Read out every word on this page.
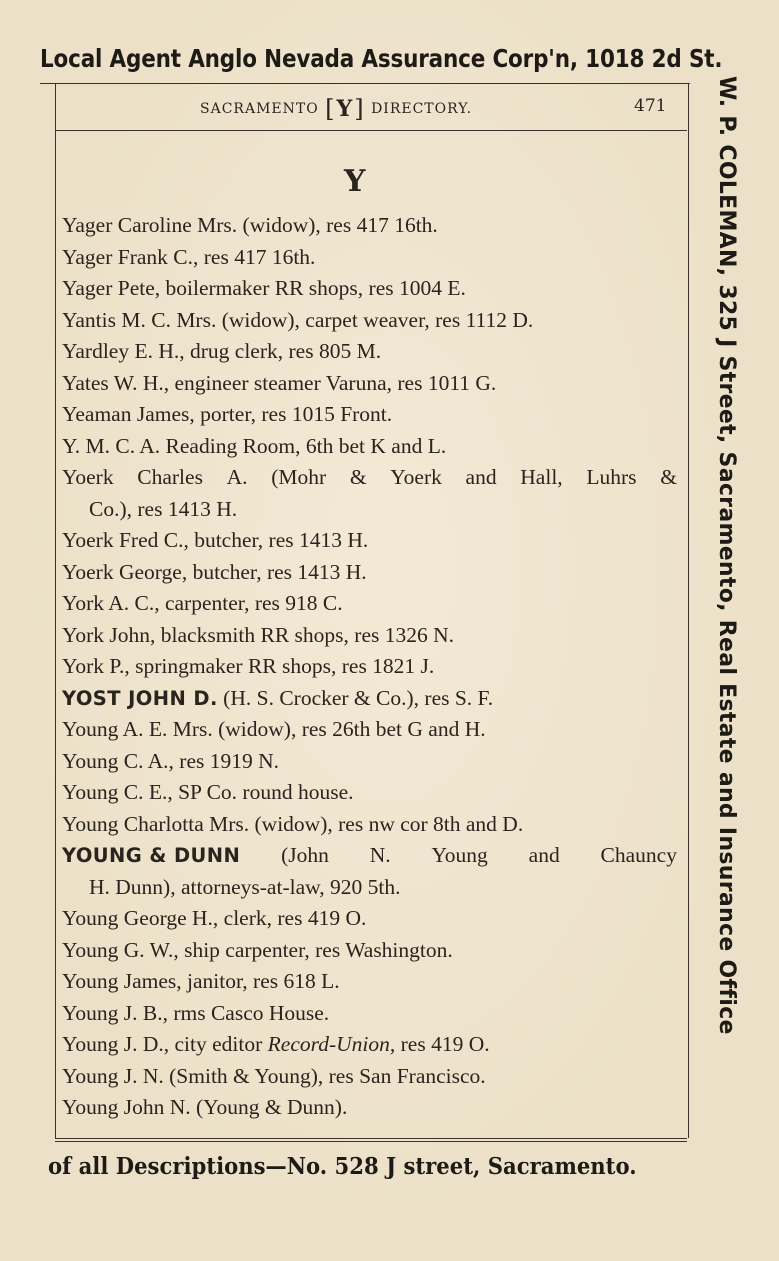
Local Agent Anglo Nevada Assurance Corp'n, 1018 2d St.
SACRAMENTO [Y] DIRECTORY.	471
Y
Yager Caroline Mrs. (widow), res 417 16th.
Yager Frank C., res 417 16th.
Yager Pete, boilermaker RR shops, res 1004 E.
Yantis M. C. Mrs. (widow), carpet weaver, res 1112 D.
Yardley E. H., drug clerk, res 805 M.
Yates W. H., engineer steamer Varuna, res 1011 G.
Yeaman James, porter, res 1015 Front.
Y. M. C. A. Reading Room, 6th bet K and L.
Yoerk Charles A. (Mohr & Yoerk and Hall, Luhrs &
Co.), res 1413 H.
Yoerk Fred C., butcher, res 1413 H.
Yoerk George, butcher, res 1413 H.
York A. C., carpenter, res 918 C.
York John, blacksmith RR shops, res 1326 N.
York P., springmaker RR shops, res 1821 J.
YOST JOHN D. (H. S. Crocker & Co.), res S. F.
Young A. E. Mrs. (widow), res 26th bet G and H.
Young C. A., res 1919 N.
Young C. E., SP Co. round house.
Young Charlotta Mrs. (widow), res nw cor 8th and D.
YOUNG & DUNN (John N. Young and Chauncy
H. Dunn), attorneys-at-law, 920 5th.
Young George H., clerk, res 419 O.
Young G. W., ship carpenter, res Washington.
Young James, janitor, res 618 L.
Young J. B., rms Casco House.
Young J. D., city editor Record-Union, res 419 O.
Young J. N. (Smith & Young), res San Francisco.
Young John N. (Young & Dunn).
of all Descriptions—No. 528 J street, Sacramento.
W. P. COLEMAN, 325 J Street, Sacramento, Real Estate and Insurance Office
